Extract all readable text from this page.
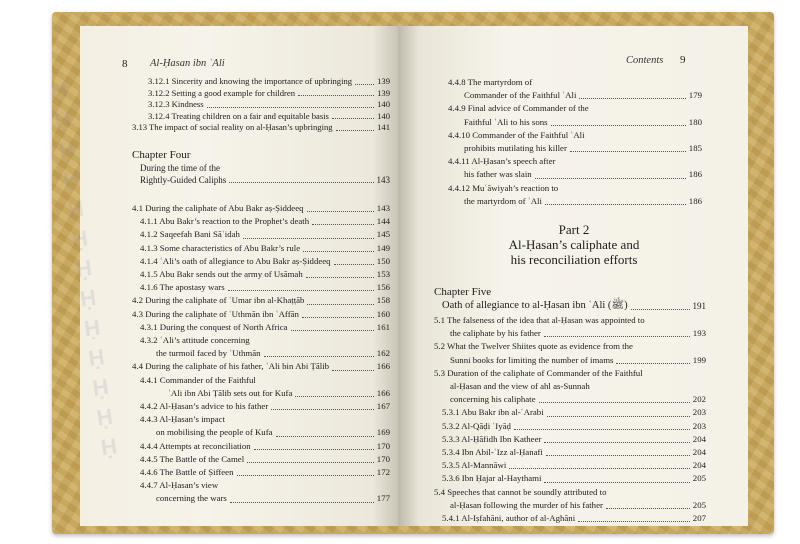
Ḥ
Ḥ
Ḥ
Ḥ
Ḥ
Ḥ
Ḥ
Ḥ
Ḥ
Ḥ
Ḥ
Ḥ
Ḥ
8 Al-Ḥasan ibn ʿAli
3.12.1 Sincerity and knowing the importance of upbringing	139
3.12.2 Setting a good example for children	139
3.12.3 Kindness	140
3.12.4 Treating children on a fair and equitable basis	140
3.13 The impact of social reality on al-Ḥasan’s upbringing	141
Chapter Four
During the time of the
Rightly-Guided Caliphs	143
4.1 During the caliphate of Abu Bakr aṣ-Ṣiddeeq	143
4.1.1 Abu Bakr’s reaction to the Prophet’s death	144
4.1.2 Saqeefah Bani Sāʿidah	145
4.1.3 Some characteristics of Abu Bakr’s rule	149
4.1.4 ʿAli’s oath of allegiance to Abu Bakr aṣ-Ṣiddeeq	150
4.1.5 Abu Bakr sends out the army of Usāmah	153
4.1.6 The apostasy wars	156
4.2 During the caliphate of ʿUmar ibn al-Khaṭṭāb	158
4.3 During the caliphate of ʿUthmān ibn ʿAffān	160
4.3.1 During the conquest of North Africa	161
4.3.2 ʿAli’s attitude concerning
the turmoil faced by ʿUthmān	162
4.4 During the caliphate of his father, ʿAli bin Abi Ṭālib	166
4.4.1 Commander of the Faithful
ʿAli ibn Abi Ṭālib sets out for Kufa	166
4.4.2 Al-Ḥasan’s advice to his father	167
4.4.3 Al-Ḥasan’s impact
on mobilising the people of Kufa	169
4.4.4 Attempts at reconciliation	170
4.4.5 The Battle of the Camel	170
4.4.6 The Battle of Ṣiffeen	172
4.4.7 Al-Ḥasan’s view
concerning the wars	177
Contents 9
4.4.8 The martyrdom of
Commander of the Faithful ʿAli	179
4.4.9 Final advice of Commander of the
Faithful ʿAli to his sons	180
4.4.10 Commander of the Faithful ʿAli
prohibits mutilating his killer	185
4.4.11 Al-Ḥasan’s speech after
his father was slain	186
4.4.12 Muʿāwiyah’s reaction to
the martyrdom of ʿAli	186
Part 2
Al-Ḥasan’s caliphate and
his reconciliation efforts
Chapter Five
Oath of allegiance to al-Ḥasan ibn ʿAli (ﷺ)	191
5.1 The falseness of the idea that al-Ḥasan was appointed to
the caliphate by his father	193
5.2 What the Twelver Shiites quote as evidence from the
Sunni books for limiting the number of imams	199
5.3 Duration of the caliphate of Commander of the Faithful
al-Ḥasan and the view of ahl as-Sunnah
concerning his caliphate	202
5.3.1 Abu Bakr ibn al-ʿArabi	203
5.3.2 Al-Qāḍi ʿIyāḍ	203
5.3.3 Al-Ḥāfidh Ibn Katheer	204
5.3.4 Ibn Abil-ʿIzz al-Ḥanafi	204
5.3.5 Al-Mannāwi	204
5.3.6 Ibn Ḥajar al-Haythami	205
5.4 Speeches that cannot be soundly attributed to
al-Ḥasan following the murder of his father	205
5.4.1 Al-Iṣfahāni, author of al-Aghāni	207
